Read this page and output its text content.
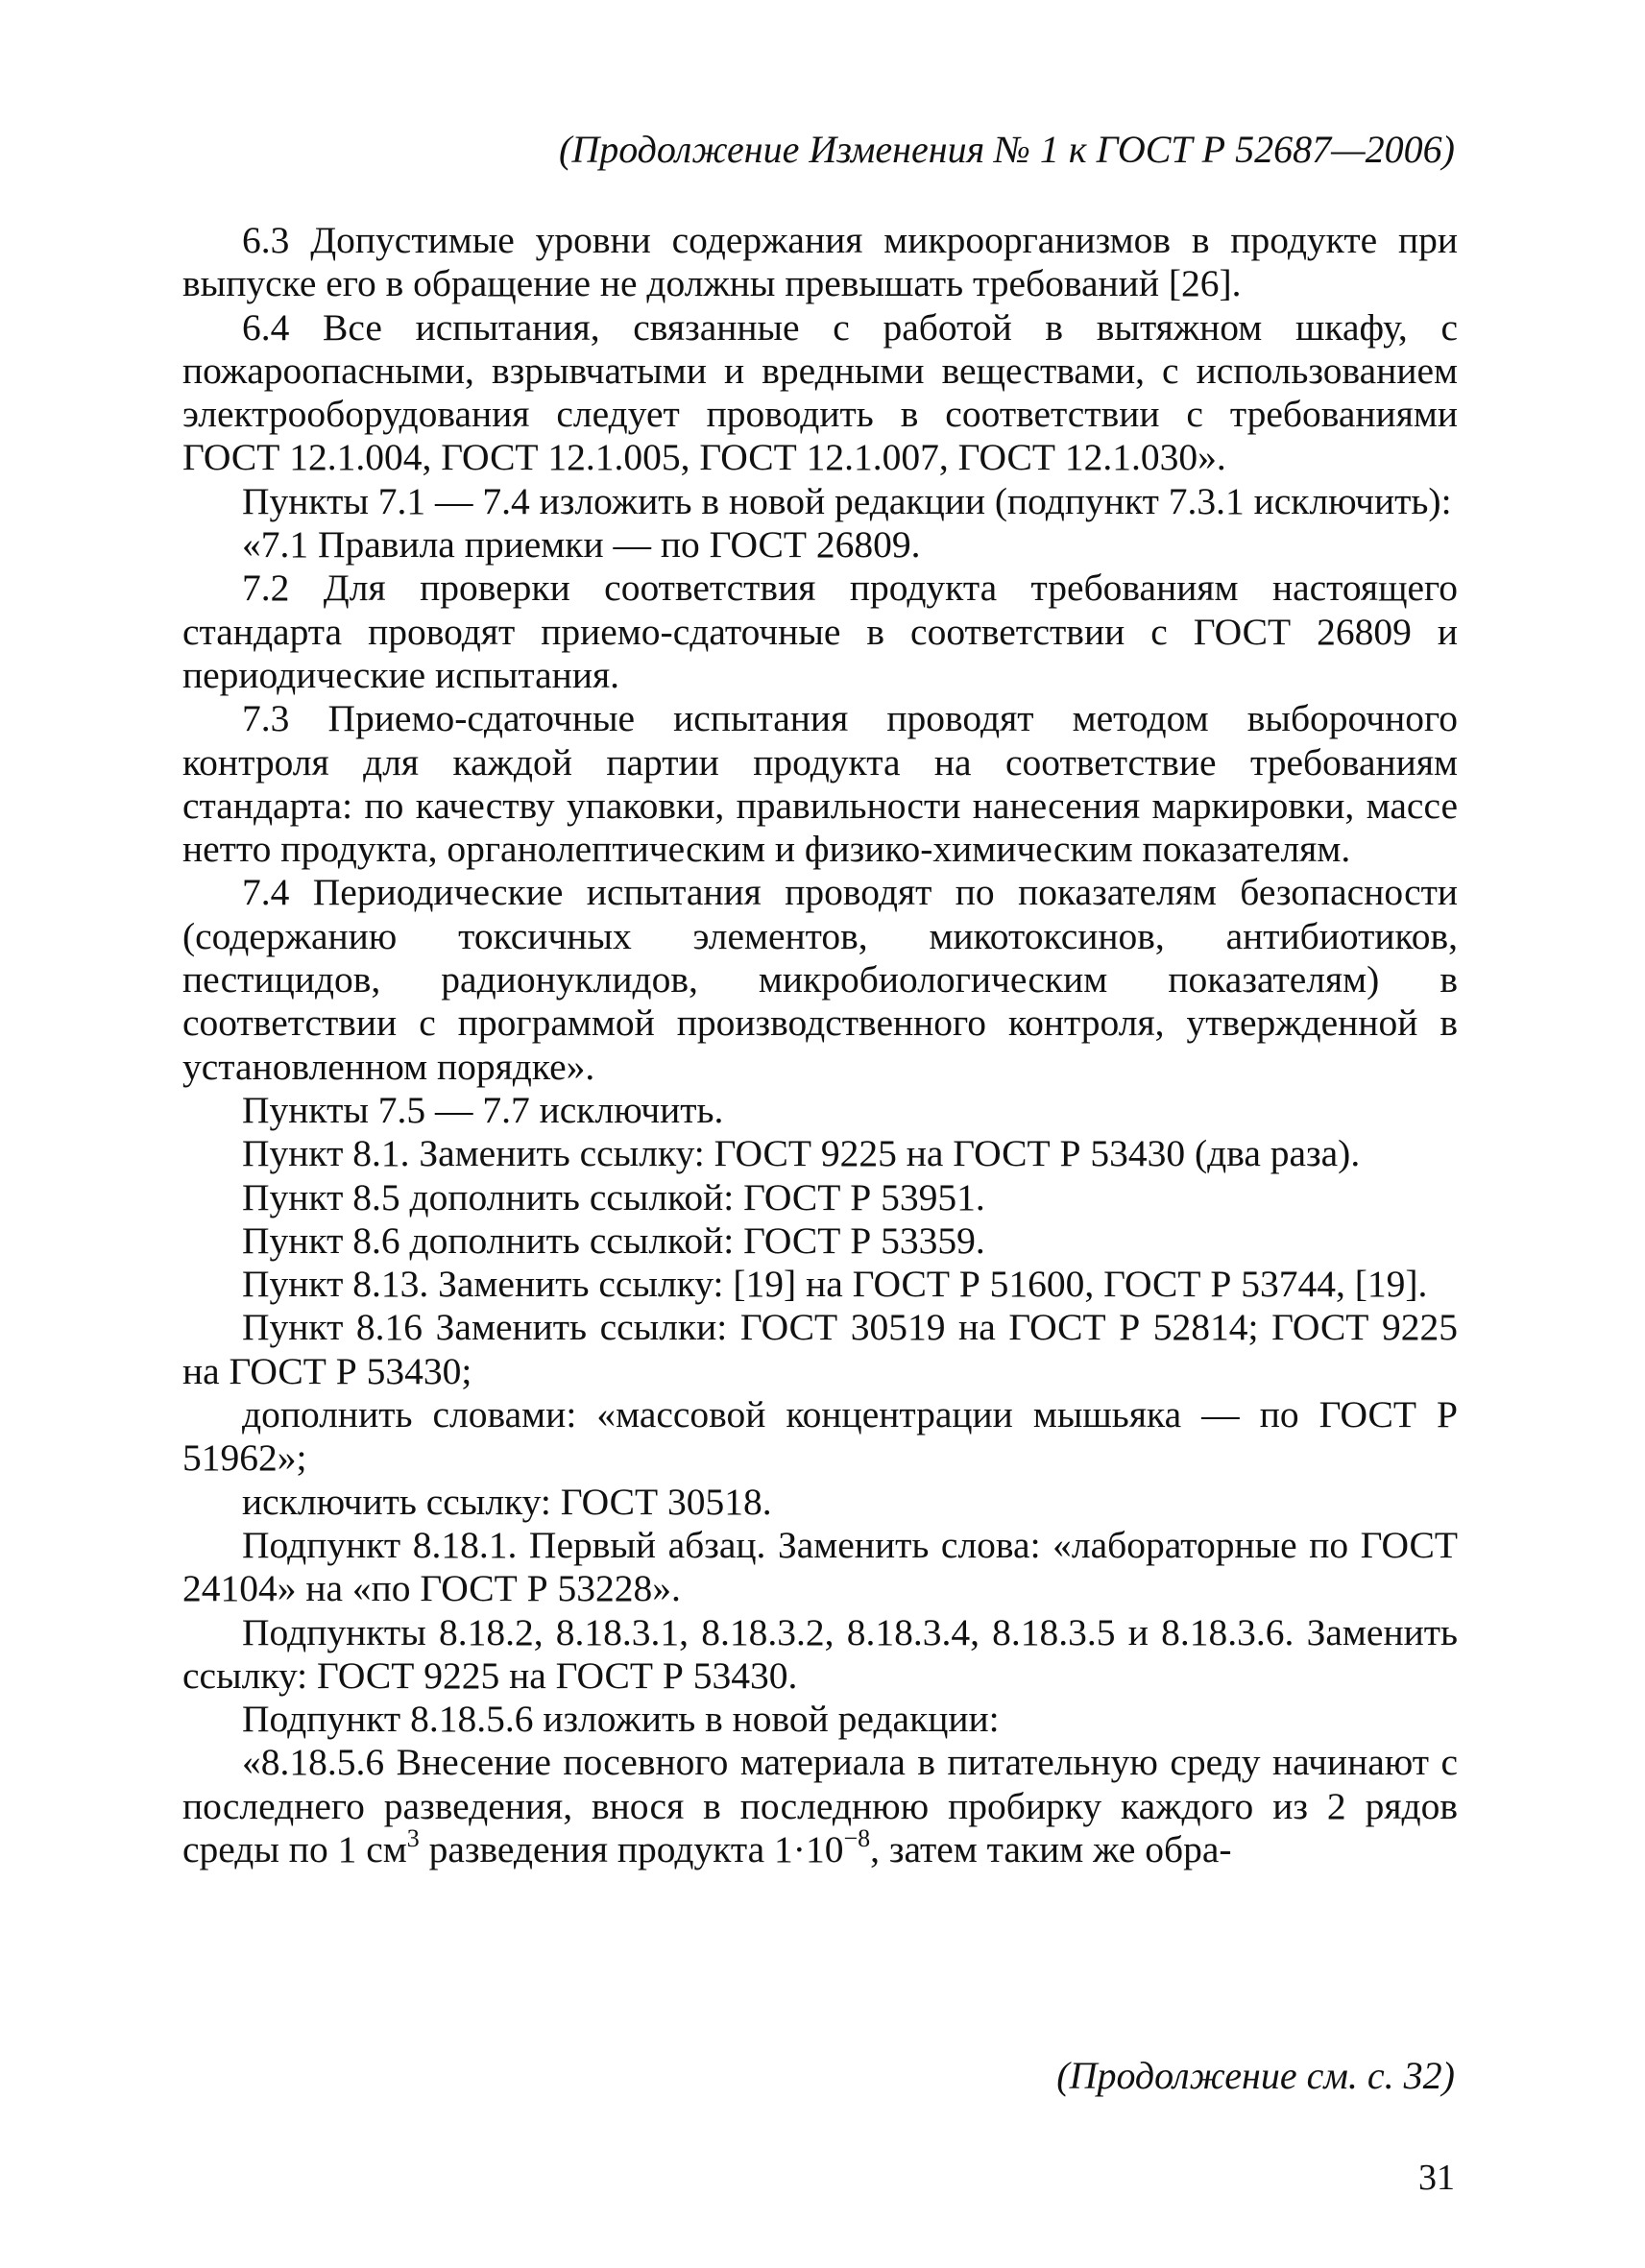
(Продолжение Изменения № 1 к ГОСТ Р 52687—2006)

6.3 Допустимые уровни содержания микроорганизмов в продукте при выпуске его в обращение не должны превышать требований [26].

6.4 Все испытания, связанные с работой в вытяжном шкафу, с пожароопасными, взрывчатыми и вредными веществами, с использованием электрооборудования следует проводить в соответствии с требованиями ГОСТ 12.1.004, ГОСТ 12.1.005, ГОСТ 12.1.007, ГОСТ 12.1.030».

Пункты 7.1 — 7.4 изложить в новой редакции (подпункт 7.3.1 исключить):

«7.1 Правила приемки — по ГОСТ 26809.

7.2 Для проверки соответствия продукта требованиям настоящего стандарта проводят приемо-сдаточные в соответствии с ГОСТ 26809 и периодические испытания.

7.3 Приемо-сдаточные испытания проводят методом выборочного контроля для каждой партии продукта на соответствие требованиям стандарта: по качеству упаковки, правильности нанесения маркировки, массе нетто продукта, органолептическим и физико-химическим показателям.

7.4 Периодические испытания проводят по показателям безопасности (содержанию токсичных элементов, микотоксинов, антибиотиков, пестицидов, радионуклидов, микробиологическим показателям) в соответствии с программой производственного контроля, утвержденной в установленном порядке».

Пункты 7.5 — 7.7 исключить.

Пункт 8.1. Заменить ссылку: ГОСТ 9225 на ГОСТ Р 53430 (два раза).

Пункт 8.5 дополнить ссылкой: ГОСТ Р 53951.

Пункт 8.6 дополнить ссылкой: ГОСТ Р 53359.

Пункт 8.13. Заменить ссылку: [19] на ГОСТ Р 51600, ГОСТ Р 53744, [19].

Пункт 8.16 Заменить ссылки: ГОСТ 30519 на ГОСТ Р 52814; ГОСТ 9225 на ГОСТ Р 53430;

дополнить словами: «массовой концентрации мышьяка — по ГОСТ Р 51962»;

исключить ссылку: ГОСТ 30518.

Подпункт 8.18.1. Первый абзац. Заменить слова: «лабораторные по ГОСТ 24104» на «по ГОСТ Р 53228».

Подпункты 8.18.2, 8.18.3.1, 8.18.3.2, 8.18.3.4, 8.18.3.5 и 8.18.3.6. Заменить ссылку: ГОСТ 9225 на ГОСТ Р 53430.

Подпункт 8.18.5.6 изложить в новой редакции:

«8.18.5.6 Внесение посевного материала в питательную среду начинают с последнего разведения, внося в последнюю пробирку каждого из 2 рядов среды по 1 $см^3$ разведения продукта $1\cdot 10^{-8}$, затем таким же обра-

(Продолжение см. с. 32)
31
